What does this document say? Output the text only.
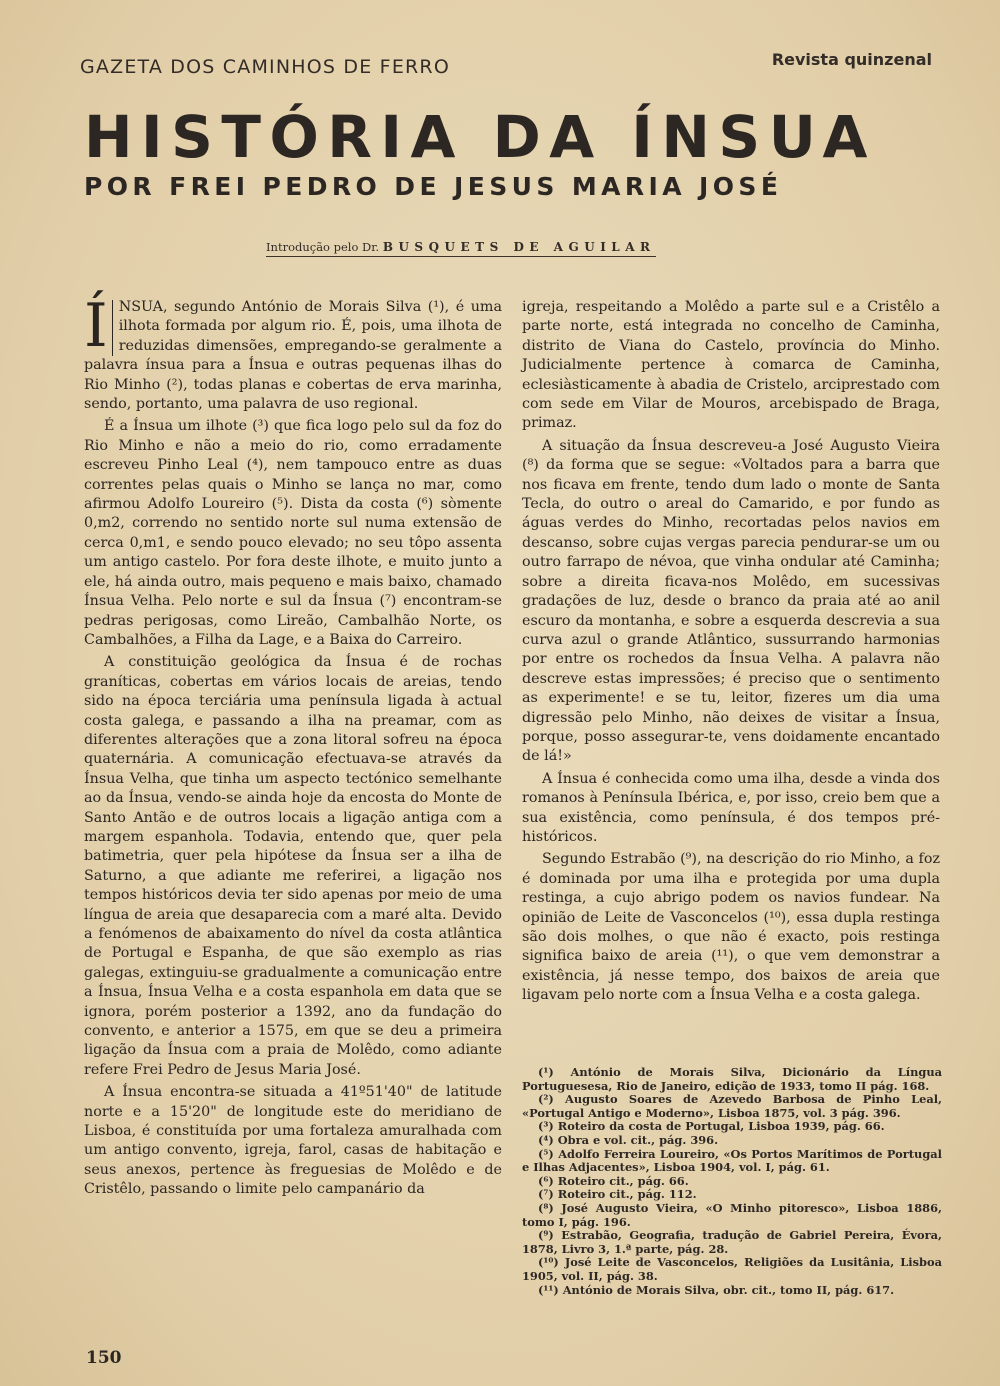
GAZETA DOS CAMINHOS DE FERRO	Revista quinzenal
HISTÓRIA DA ÍNSUA
POR FREI PEDRO DE JESUS MARIA JOSÉ
Introdução pelo Dr. BUSQUETS DE AGUILAR

Í NSUA, segundo António de Morais Silva (¹), é uma ilhota formada por algum rio. É, pois, uma ilhota de reduzidas dimensões, empregando-se geralmente a palavra ínsua para a Ínsua e outras pequenas ilhas do Rio Minho (²), todas planas e cobertas de erva marinha, sendo, portanto, uma palavra de uso regional.

É a Ínsua um ilhote (³) que fica logo pelo sul da foz do Rio Minho e não a meio do rio, como erradamente escreveu Pinho Leal (⁴), nem tampouco entre as duas correntes pelas quais o Minho se lança no mar, como afirmou Adolfo Loureiro (⁵). Dista da costa (⁶) sòmente 0,m2, correndo no sentido norte sul numa extensão de cerca 0,m1, e sendo pouco elevado; no seu tôpo assenta um antigo castelo. Por fora deste ilhote, e muito junto a ele, há ainda outro, mais pequeno e mais baixo, chamado Ínsua Velha. Pelo norte e sul da Ínsua (⁷) encontram-se pedras perigosas, como Lireão, Cambalhão Norte, os Cambalhões, a Filha da Lage, e a Baixa do Carreiro.

A constituição geológica da Ínsua é de rochas graníticas, cobertas em vários locais de areias, tendo sido na época terciária uma península ligada à actual costa galega, e passando a ilha na preamar, com as diferentes alterações que a zona litoral sofreu na época quaternária. A comunicação efectuava-se através da Ínsua Velha, que tinha um aspecto tectónico semelhante ao da Ínsua, vendo-se ainda hoje da encosta do Monte de Santo Antão e de outros locais a ligação antiga com a margem espanhola. Todavia, entendo que, quer pela batimetria, quer pela hipótese da Ínsua ser a ilha de Saturno, a que adiante me referirei, a ligação nos tempos históricos devia ter sido apenas por meio de uma língua de areia que desaparecia com a maré alta. Devido a fenómenos de abaixamento do nível da costa atlântica de Portugal e Espanha, de que são exemplo as rias galegas, extinguiu-se gradualmente a comunicação entre a Ínsua, Ínsua Velha e a costa espanhola em data que se ignora, porém posterior a 1392, ano da fundação do convento, e anterior a 1575, em que se deu a primeira ligação da Ínsua com a praia de Molêdo, como adiante refere Frei Pedro de Jesus Maria José.

A Ínsua encontra-se situada a 41º51'40" de latitude norte e a 15'20" de longitude este do meridiano de Lisboa, é constituída por uma fortaleza amuralhada com um antigo convento, igreja, farol, casas de habitação e seus anexos, pertence às freguesias de Molêdo e de Cristêlo, passando o limite pelo campanário da

igreja, respeitando a Molêdo a parte sul e a Cristêlo a parte norte, está integrada no concelho de Caminha, distrito de Viana do Castelo, província do Minho. Judicialmente pertence à comarca de Caminha, eclesiàsticamente à abadia de Cristelo, arciprestado com com sede em Vilar de Mouros, arcebispado de Braga, primaz.

A situação da Ínsua descreveu-a José Augusto Vieira (⁸) da forma que se segue: «Voltados para a barra que nos ficava em frente, tendo dum lado o monte de Santa Tecla, do outro o areal do Camarido, e por fundo as águas verdes do Minho, recortadas pelos navios em descanso, sobre cujas vergas parecia pendurar-se um ou outro farrapo de névoa, que vinha ondular até Caminha; sobre a direita ficava-nos Molêdo, em sucessivas gradações de luz, desde o branco da praia até ao anil escuro da montanha, e sobre a esquerda descrevia a sua curva azul o grande Atlântico, sussurrando harmonias por entre os rochedos da Ínsua Velha. A palavra não descreve estas impressões; é preciso que o sentimento as experimente! e se tu, leitor, fizeres um dia uma digressão pelo Minho, não deixes de visitar a Ínsua, porque, posso assegurar-te, vens doidamente encantado de lá!»

A Ínsua é conhecida como uma ilha, desde a vinda dos romanos à Península Ibérica, e, por isso, creio bem que a sua existência, como península, é dos tempos pré-históricos.

Segundo Estrabão (⁹), na descrição do rio Minho, a foz é dominada por uma ilha e protegida por uma dupla restinga, a cujo abrigo podem os navios fundear. Na opinião de Leite de Vasconcelos (¹⁰), essa dupla restinga são dois molhes, o que não é exacto, pois restinga significa baixo de areia (¹¹), o que vem demonstrar a existência, já nesse tempo, dos baixos de areia que ligavam pelo norte com a Ínsua Velha e a costa galega.

(¹) António de Morais Silva, Dicionário da Língua Portuguesesa, Rio de Janeiro, edição de 1933, tomo II pág. 168.

(²) Augusto Soares de Azevedo Barbosa de Pinho Leal, «Portugal Antigo e Moderno», Lisboa 1875, vol. 3 pág. 396.

(³) Roteiro da costa de Portugal, Lisboa 1939, pág. 66.

(⁴) Obra e vol. cit., pág. 396.

(⁵) Adolfo Ferreira Loureiro, «Os Portos Marítimos de Portugal e Ilhas Adjacentes», Lisboa 1904, vol. I, pág. 61.

(⁶) Roteiro cit., pág. 66.

(⁷) Roteiro cit., pág. 112.

(⁸) José Augusto Vieira, «O Minho pitoresco», Lisboa 1886, tomo I, pág. 196.

(⁹) Estrabão, Geografia, tradução de Gabriel Pereira, Évora, 1878, Livro 3, 1.ª parte, pág. 28.

(¹⁰) José Leite de Vasconcelos, Religiões da Lusitânia, Lisboa 1905, vol. II, pág. 38.

(¹¹) António de Morais Silva, obr. cit., tomo II, pág. 617.

150
